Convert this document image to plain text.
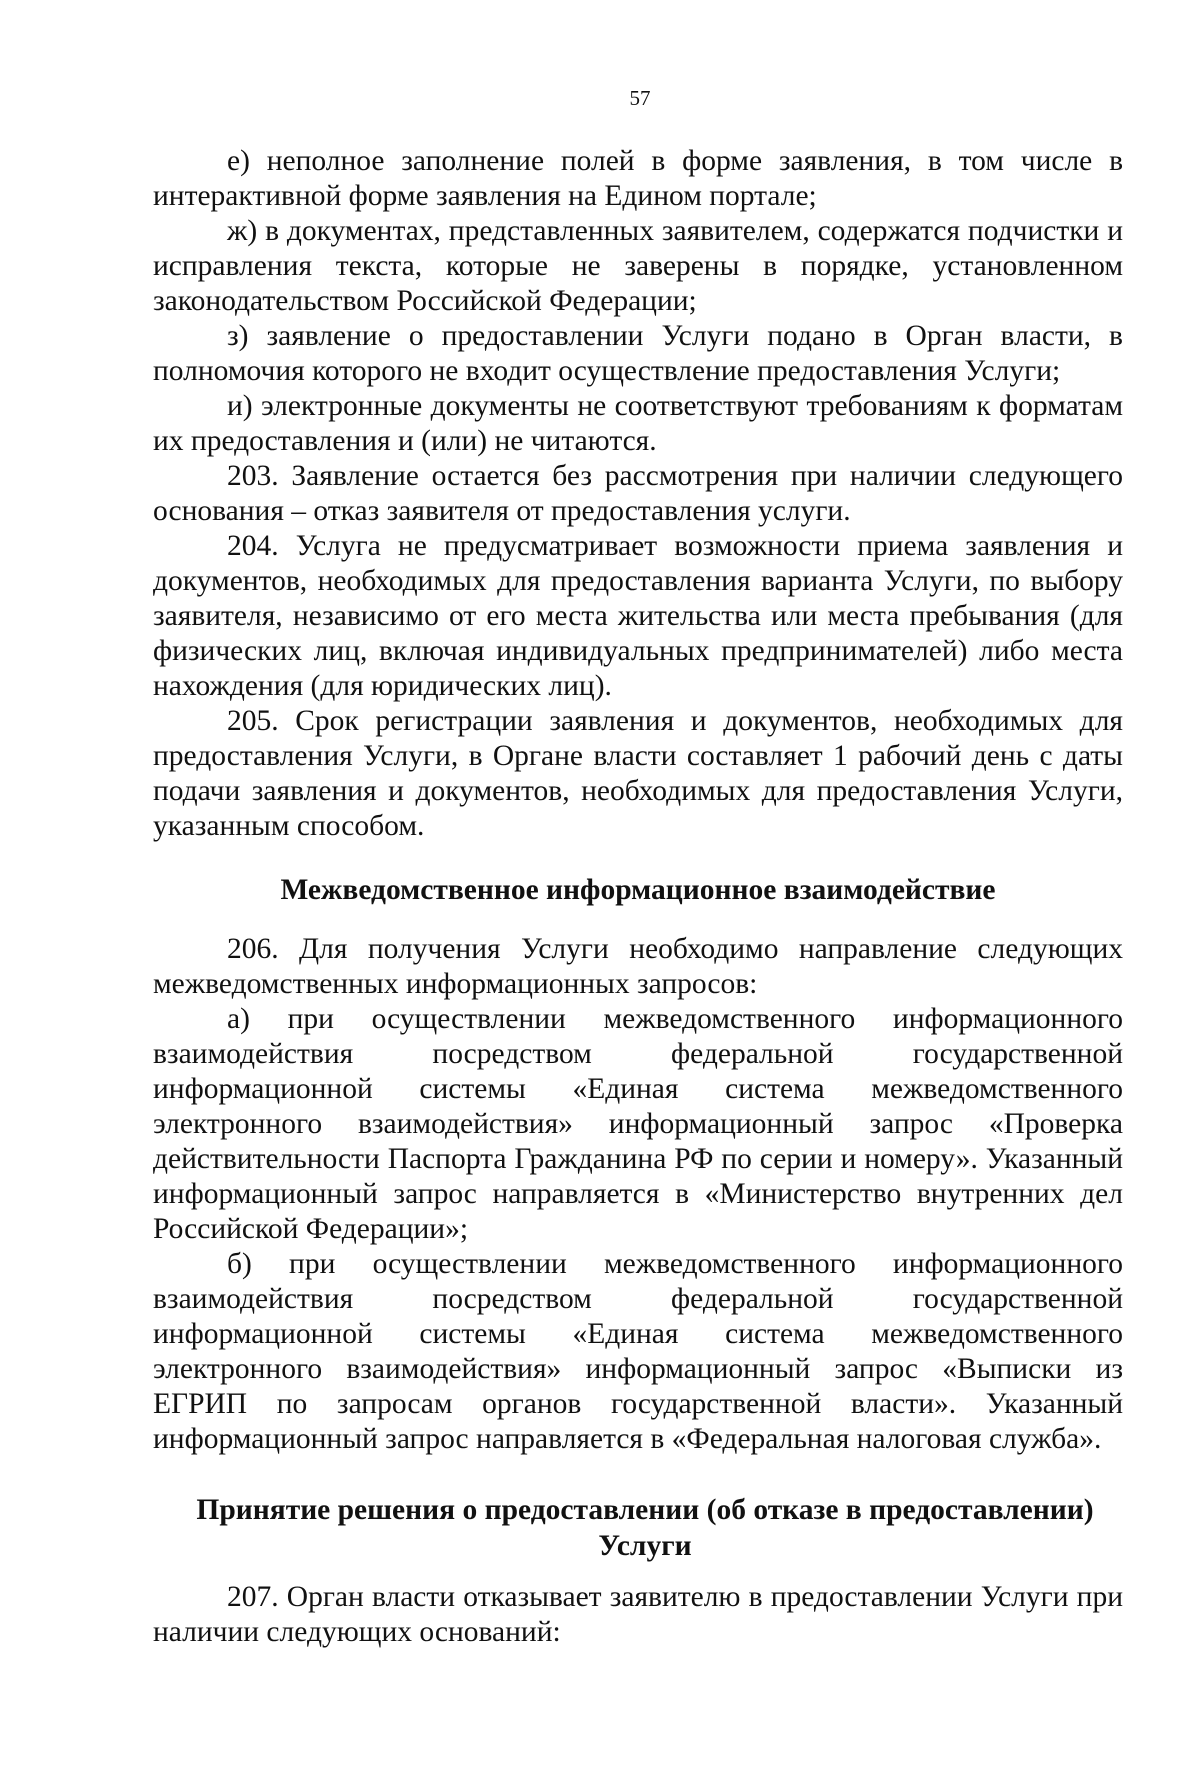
57

е) неполное заполнение полей в форме заявления, в том числе в интерактивной форме заявления на Едином портале;

ж) в документах, представленных заявителем, содержатся подчистки и исправления текста, которые не заверены в порядке, установленном законодательством Российской Федерации;

з) заявление о предоставлении Услуги подано в Орган власти, в полномочия которого не входит осуществление предоставления Услуги;

и) электронные документы не соответствуют требованиям к форматам их предоставления и (или) не читаются.

203. Заявление остается без рассмотрения при наличии следующего основания – отказ заявителя от предоставления услуги.

204. Услуга не предусматривает возможности приема заявления и документов, необходимых для предоставления варианта Услуги, по выбору заявителя, независимо от его места жительства или места пребывания (для физических лиц, включая индивидуальных предпринимателей) либо места нахождения (для юридических лиц).

205. Срок регистрации заявления и документов, необходимых для предоставления Услуги, в Органе власти составляет 1 рабочий день с даты подачи заявления и документов, необходимых для предоставления Услуги, указанным способом.

Межведомственное информационное взаимодействие

206. Для получения Услуги необходимо направление следующих межведомственных информационных запросов:

а) при осуществлении межведомственного информационного взаимодействия посредством федеральной государственной информационной системы «Единая система межведомственного электронного взаимодействия» информационный запрос «Проверка действительности Паспорта Гражданина РФ по серии и номеру». Указанный информационный запрос направляется в «Министерство внутренних дел Российской Федерации»;

б) при осуществлении межведомственного информационного взаимодействия посредством федеральной государственной информационной системы «Единая система межведомственного электронного взаимодействия» информационный запрос «Выписки из ЕГРИП по запросам органов государственной власти». Указанный информационный запрос направляется в «Федеральная налоговая служба».

Принятие решения о предоставлении (об отказе в предоставлении)
Услуги

207. Орган власти отказывает заявителю в предоставлении Услуги при наличии следующих оснований:
